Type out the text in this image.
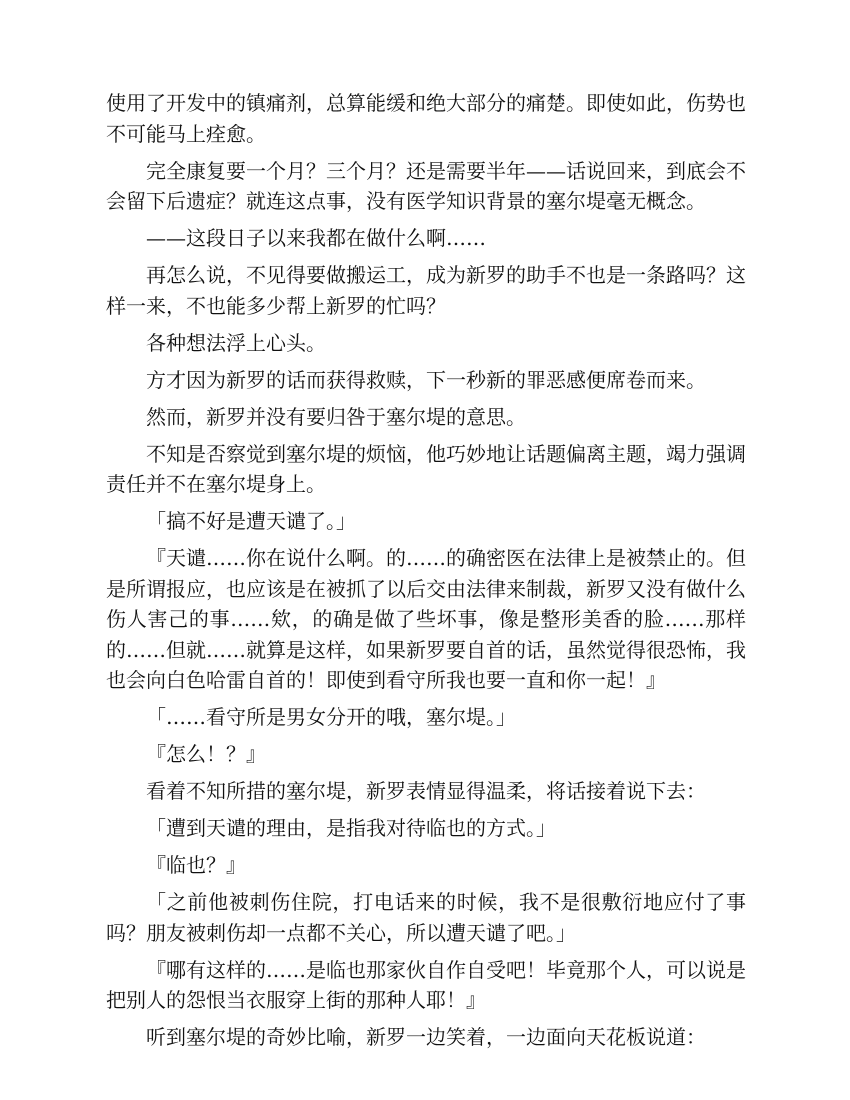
使用了开发中的镇痛剂，总算能缓和绝大部分的痛楚。即使如此，伤势也不可能马上痊愈。

完全康复要一个月？三个月？还是需要半年——话说回来，到底会不会留下后遗症？就连这点事，没有医学知识背景的塞尔堤毫无概念。

——这段日子以来我都在做什么啊……

再怎么说，不见得要做搬运工，成为新罗的助手不也是一条路吗？这样一来，不也能多少帮上新罗的忙吗？

各种想法浮上心头。

方才因为新罗的话而获得救赎，下一秒新的罪恶感便席卷而来。

然而，新罗并没有要归咎于塞尔堤的意思。

不知是否察觉到塞尔堤的烦恼，他巧妙地让话题偏离主题，竭力强调责任并不在塞尔堤身上。

「搞不好是遭天谴了。」

『天谴……你在说什么啊。的……的确密医在法律上是被禁止的。但是所谓报应，也应该是在被抓了以后交由法律来制裁，新罗又没有做什么伤人害己的事……欸，的确是做了些坏事，像是整形美香的脸……那样的……但就……就算是这样，如果新罗要自首的话，虽然觉得很恐怖，我也会向白色哈雷自首的！即使到看守所我也要一直和你一起！』

「……看守所是男女分开的哦，塞尔堤。」

『怎么！？』

看着不知所措的塞尔堤，新罗表情显得温柔，将话接着说下去：

「遭到天谴的理由，是指我对待临也的方式。」

『临也？』

「之前他被刺伤住院，打电话来的时候，我不是很敷衍地应付了事吗？朋友被刺伤却一点都不关心，所以遭天谴了吧。」

『哪有这样的……是临也那家伙自作自受吧！毕竟那个人，可以说是把别人的怨恨当衣服穿上街的那种人耶！』

听到塞尔堤的奇妙比喻，新罗一边笑着，一边面向天花板说道：
